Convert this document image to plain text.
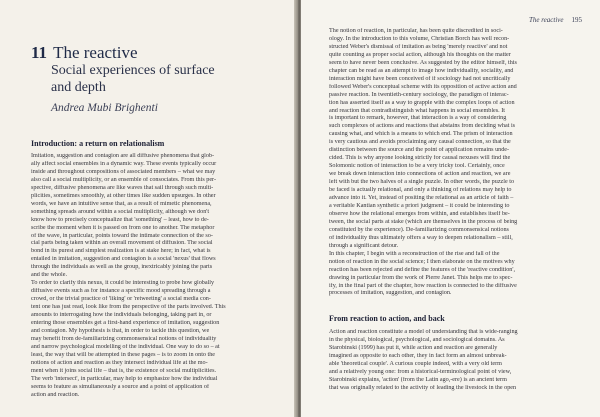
11 The reactive
Social experiences of surface
and depth
Andrea Mubi Brighenti
Introduction: a return on relationalism
Imitation, suggestion and contagion are all diffusive phenomena that glob-
ally affect social ensembles in a dynamic way. These events typically occur
inside and throughout compositions of associated members – what we may
also call a social multiplicity, or an ensemble of consociates. From this per-
spective, diffusive phenomena are like waves that sail through such multi-
plicities, sometimes smoothly, at other times like sudden upsurges. In other
words, we have an intuitive sense that, as a result of mimetic phenomena,
something spreads around within a social multiplicity, although we don't
know how to precisely conceptualize that 'something' – least, how to de-
scribe the moment when it is passed on from one to another. The metaphor
of the wave, in particular, points toward the intimate connection of the so-
cial parts being taken within an overall movement of diffusion. The social
bond in its purest and simplest realization is at stake here; in fact, what is
entailed in imitation, suggestion and contagion is a social 'nexus' that flows
through the individuals as well as the group, inextricably joining the parts
and the whole.
To order to clarify this nexus, it could be interesting to probe how globally
diffusive events such as for instance a specific mood spreading through a
crowd, or the trivial practice of 'liking' or 'retweeting' a social media con-
tent one has just read, look like from the perspective of the parts involved. This
amounts to interrogating how the individuals belonging, taking part in, or
entering those ensembles get a first-hand experience of imitation, suggestion
and contagion. My hypothesis is that, in order to tackle this question, we
may benefit from de-familiarizing commonsensical notions of individuality
and narrow psychological modelling of the individual. One way to do so – at
least, the way that will be attempted in these pages – is to zoom in onto the
notions of action and reaction as they intersect individual life at the mo-
ment when it joins social life – that is, the existence of social multiplicities.
The verb 'intersect', in particular, may help to emphasize how the individual
seems to feature as simultaneously a source and a point of application of
action and reaction.
The reactive 195
The notion of reaction, in particular, has been quite discredited in soci-
ology. In the introduction to this volume, Christian Borch has well recon-
structed Weber's dismissal of imitation as being 'merely reactive' and not
quite counting as proper social action, although his thoughts on the matter
seem to have never been conclusive. As suggested by the editor himself, this
chapter can be read as an attempt to image how individuality, sociality, and
interaction might have been conceived of if sociology had not uncritically
followed Weber's conceptual scheme with its opposition of active action and
passive reaction. In twentieth-century sociology, the paradigm of interac-
tion has asserted itself as a way to grapple with the complex loops of action
and reaction that contradistinguish what happens in social ensembles. It
is important to remark, however, that interaction is a way of considering
such complexes of actions and reactions that abstains from deciding what is
causing what, and which is a means to which end. The prism of interaction
is very cautious and avoids proclaiming any causal connection, so that the
distinction between the source and the point of application remains unde-
cided. This is why anyone looking strictly for causal nexuses will find the
Solomonic notion of interaction to be a very tricky tool. Certainly, once
we break down interaction into connections of action and reaction, we are
left with but the two halves of a single puzzle. In other words, the puzzle to
be faced is actually relational, and only a thinking of relations may help to
advance into it. Yet, instead of positing the relational as an article of faith –
a veritable Kantian synthetic a priori judgment – it could be interesting to
observe how the relational emerges from within, and establishes itself be-
tween, the social parts at stake (which are themselves in the process of being
constituted by the experience). De-familiarizing commonsensical notions
of individuality thus ultimately offers a way to deepen relationalism – still,
through a significant detour.
In this chapter, I begin with a reconstruction of the rise and fall of the
notion of reaction in the social science; I then elaborate on the motives why
reaction has been rejected and define the features of the 'reactive condition',
drawing in particular from the work of Pierre Janet. This helps me to spec-
ify, in the final part of the chapter, how reaction is connected to the diffusive
processes of imitation, suggestion, and contagion.
From reaction to action, and back
Action and reaction constitute a model of understanding that is wide-ranging
in the physical, biological, psychological, and sociological domains. As
Starobinski (1999) has put it, while action and reaction are generally
imagined as opposite to each other, they in fact form an almost unbreak-
able 'theoretical couple'. A curious couple indeed, with a very old term
and a relatively young one: from a historical-terminological point of view,
Starobinski explains, 'action' (from the Latin ago,-ere) is an ancient term
that was originally related to the activity of leading the livestock in the open
